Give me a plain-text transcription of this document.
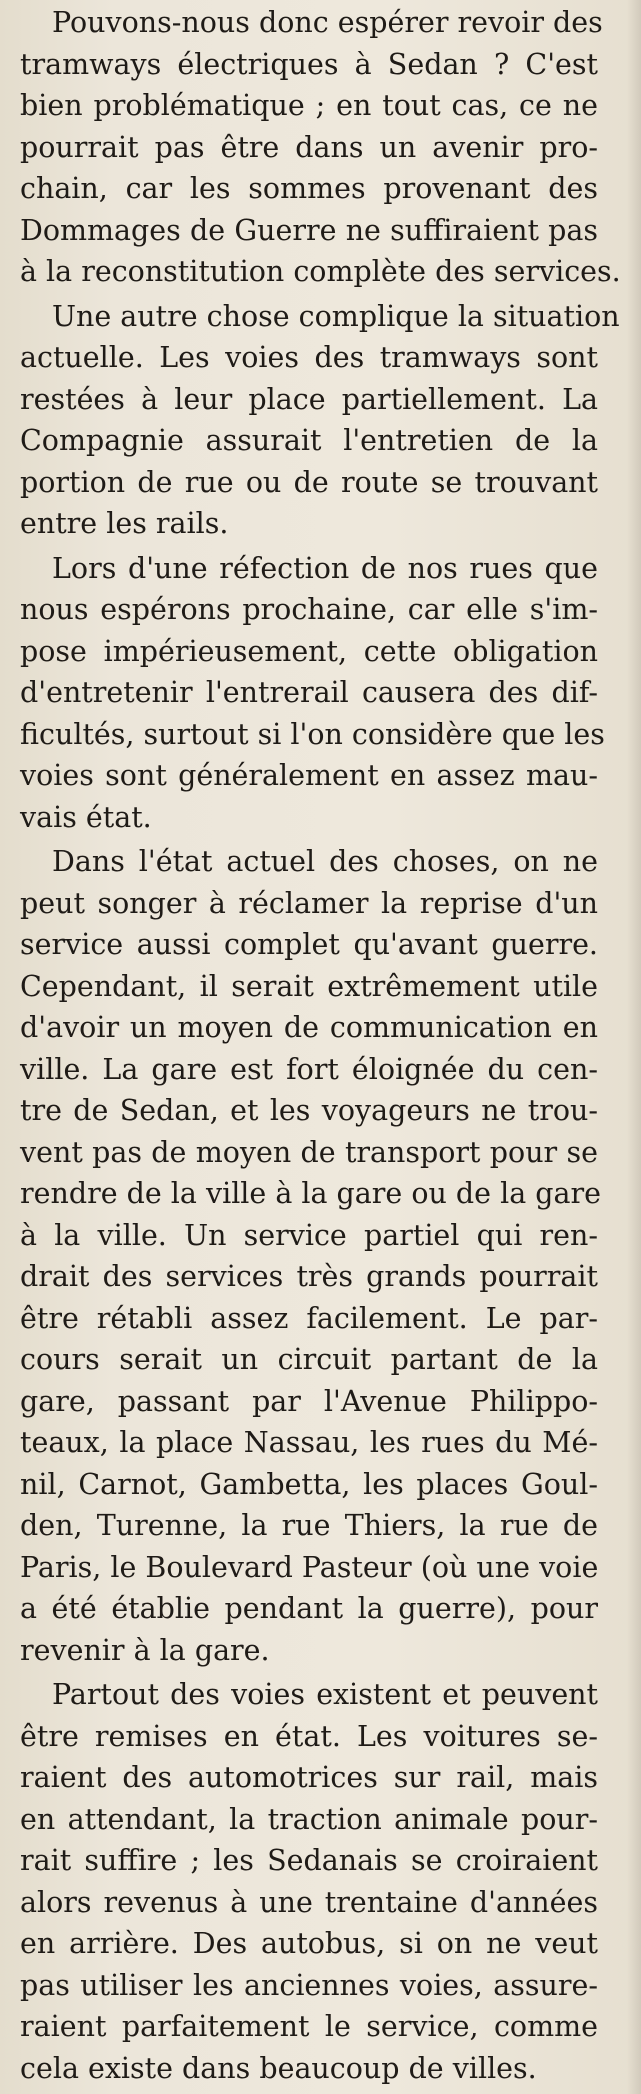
Pouvons-nous donc espérer revoir des
tramways électriques à Sedan ? C'est
bien problématique ; en tout cas, ce ne
pourrait pas être dans un avenir pro-
chain, car les sommes provenant des
Dommages de Guerre ne suffiraient pas
à la reconstitution complète des services.
Une autre chose complique la situation
actuelle. Les voies des tramways sont
restées à leur place partiellement. La
Compagnie assurait l'entretien de la
portion de rue ou de route se trouvant
entre les rails.
Lors d'une réfection de nos rues que
nous espérons prochaine, car elle s'im-
pose impérieusement, cette obligation
d'entretenir l'entrerail causera des dif-
ficultés, surtout si l'on considère que les
voies sont généralement en assez mau-
vais état.
Dans l'état actuel des choses, on ne
peut songer à réclamer la reprise d'un
service aussi complet qu'avant guerre.
Cependant, il serait extrêmement utile
d'avoir un moyen de communication en
ville. La gare est fort éloignée du cen-
tre de Sedan, et les voyageurs ne trou-
vent pas de moyen de transport pour se
rendre de la ville à la gare ou de la gare
à la ville. Un service partiel qui ren-
drait des services très grands pourrait
être rétabli assez facilement. Le par-
cours serait un circuit partant de la
gare, passant par l'Avenue Philippo-
teaux, la place Nassau, les rues du Mé-
nil, Carnot, Gambetta, les places Goul-
den, Turenne, la rue Thiers, la rue de
Paris, le Boulevard Pasteur (où une voie
a été établie pendant la guerre), pour
revenir à la gare.
Partout des voies existent et peuvent
être remises en état. Les voitures se-
raient des automotrices sur rail, mais
en attendant, la traction animale pour-
rait suffire ; les Sedanais se croiraient
alors revenus à une trentaine d'années
en arrière. Des autobus, si on ne veut
pas utiliser les anciennes voies, assure-
raient parfaitement le service, comme
cela existe dans beaucoup de villes.
